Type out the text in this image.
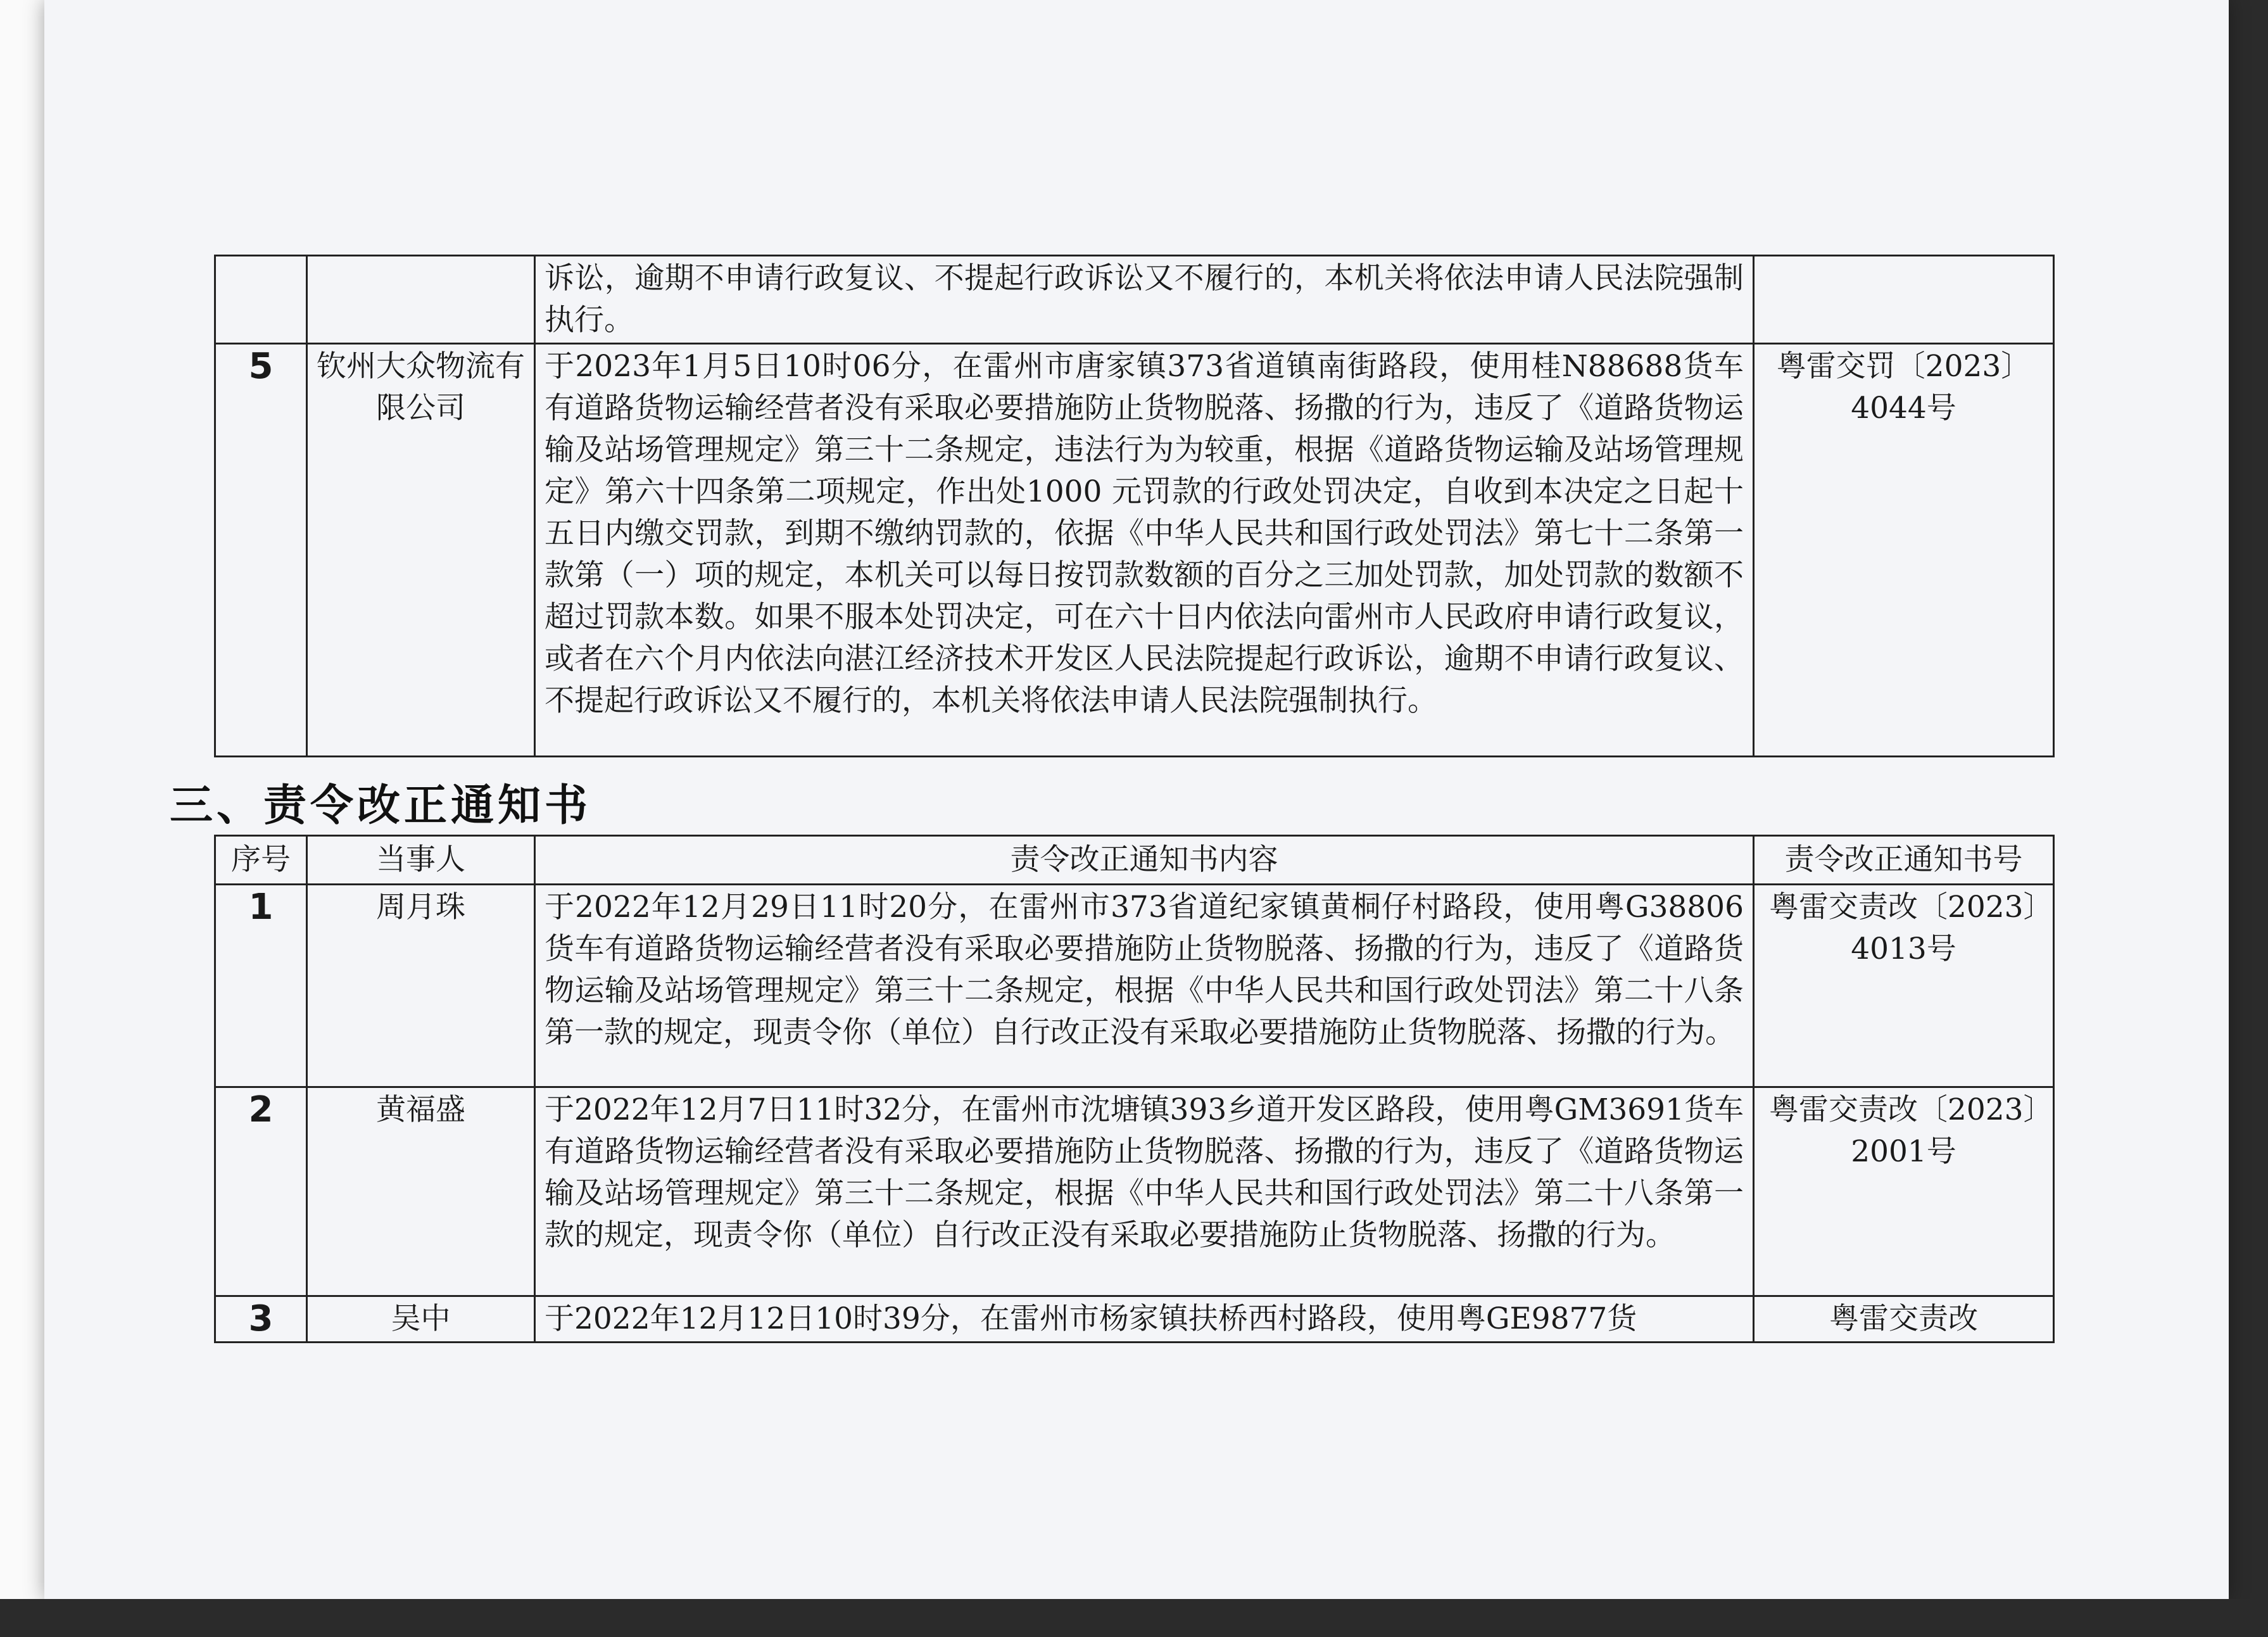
		诉讼，逾期不申请行政复议、不提起行政诉讼又不履行的，本机关将依法申请人民法院强制执行。	
5	钦州大众物流有限公司	于2023年1月5日10时06分，在雷州市唐家镇373省道镇南街路段，使用桂N88688货车有道路货物运输经营者没有采取必要措施防止货物脱落、扬撒的行为，违反了《道路货物运输及站场管理规定》第三十二条规定，违法行为为较重，根据《道路货物运输及站场管理规定》第六十四条第二项规定，作出处1000 元罚款的行政处罚决定，自收到本决定之日起十五日内缴交罚款，到期不缴纳罚款的，依据《中华人民共和国行政处罚法》第七十二条第一款第（一）项的规定，本机关可以每日按罚款数额的百分之三加处罚款，加处罚款的数额不超过罚款本数。如果不服本处罚决定，可在六十日内依法向雷州市人民政府申请行政复议，或者在六个月内依法向湛江经济技术开发区人民法院提起行政诉讼，逾期不申请行政复议、不提起行政诉讼又不履行的，本机关将依法申请人民法院强制执行。	粤雷交罚〔2023〕4044号
三、责令改正通知书
序号	当事人	责令改正通知书内容	责令改正通知书号
1	周月珠	于2022年12月29日11时20分，在雷州市373省道纪家镇黄桐仔村路段，使用粤G38806货车有道路货物运输经营者没有采取必要措施防止货物脱落、扬撒的行为，违反了《道路货物运输及站场管理规定》第三十二条规定，根据《中华人民共和国行政处罚法》第二十八条第一款的规定，现责令你（单位）自行改正没有采取必要措施防止货物脱落、扬撒的行为。	粤雷交责改〔2023〕4013号
2	黄福盛	于2022年12月7日11时32分，在雷州市沈塘镇393乡道开发区路段，使用粤GM3691货车有道路货物运输经营者没有采取必要措施防止货物脱落、扬撒的行为，违反了《道路货物运输及站场管理规定》第三十二条规定，根据《中华人民共和国行政处罚法》第二十八条第一款的规定，现责令你（单位）自行改正没有采取必要措施防止货物脱落、扬撒的行为。	粤雷交责改〔2023〕2001号
3	吴中	于2022年12月12日10时39分，在雷州市杨家镇扶桥西村路段，使用粤GE9877货	粤雷交责改
